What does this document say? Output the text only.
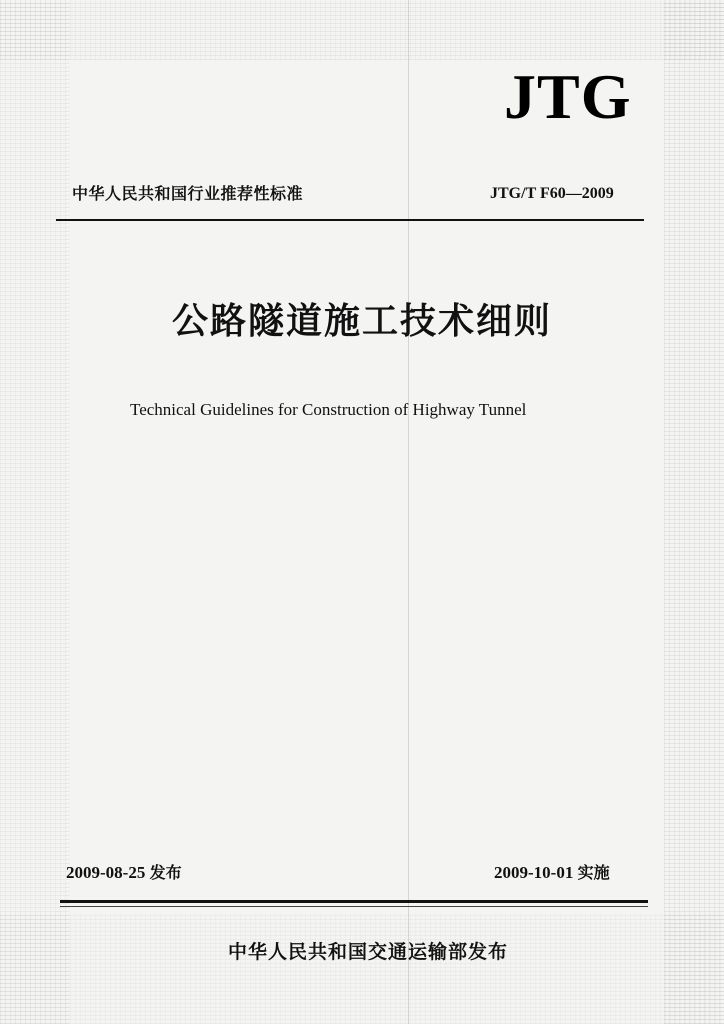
JTG
中华人民共和国行业推荐性标准	JTG/T F60—2009
公路隧道施工技术细则
Technical Guidelines for Construction of Highway Tunnel
2009-08-25 发布	2009-10-01 实施
中华人民共和国交通运输部发布
